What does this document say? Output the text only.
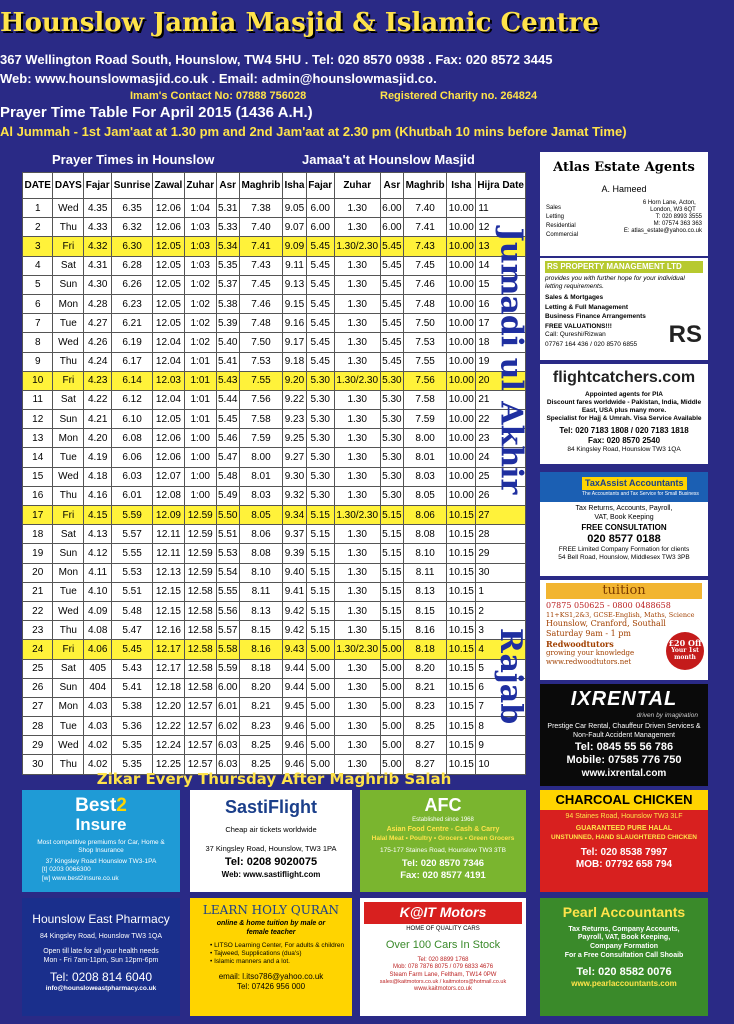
Hounslow Jamia Masjid & Islamic Centre
367 Wellington Road South, Hounslow, TW4 5HU . Tel: 020 8570 0938 . Fax: 020 8572 3445
Web: www.hounslowmasjid.co.uk . Email: admin@hounslowmasjid.co.
Imam's Contact No: 07888 756028	Registered Charity no. 264824
Prayer Time Table For April 2015 (1436 A.H.)
Al Jummah - 1st Jam'aat at 1.30 pm and 2nd Jam'aat at 2.30 pm (Khutbah 10 mins before Jamat Time)
Prayer Times in Hounslow	Jamaa't at Hounslow Masjid
DATE	DAYS	Fajar	Sunrise	Zawal	Zuhar	Asr	Maghrib	Isha	Fajar	Zuhar	Asr	Maghrib	Isha	Hijra Date
1	Wed	4.35	6.35	12.06	1:04	5.31	7.38	9.05	6.00	1.30	6.00	7.40	10.00	11
2	Thu	4.33	6.32	12.06	1:03	5.33	7.40	9.07	6.00	1.30	6.00	7.41	10.00	12
3	Fri	4.32	6.30	12.05	1:03	5.34	7.41	9.09	5.45	1.30/2.30	5.45	7.43	10.00	13
4	Sat	4.31	6.28	12.05	1:03	5.35	7.43	9.11	5.45	1.30	5.45	7.45	10.00	14
5	Sun	4.30	6.26	12.05	1:02	5.37	7.45	9.13	5.45	1.30	5.45	7.46	10.00	15
6	Mon	4.28	6.23	12.05	1:02	5.38	7.46	9.15	5.45	1.30	5.45	7.48	10.00	16
7	Tue	4.27	6.21	12.05	1:02	5.39	7.48	9.16	5.45	1.30	5.45	7.50	10.00	17
8	Wed	4.26	6.19	12.04	1:02	5.40	7.50	9.17	5.45	1.30	5.45	7.53	10.00	18
9	Thu	4.24	6.17	12.04	1:01	5.41	7.53	9.18	5.45	1.30	5.45	7.55	10.00	19
10	Fri	4.23	6.14	12.03	1:01	5.43	7.55	9.20	5.30	1.30/2.30	5.30	7.56	10.00	20
11	Sat	4.22	6.12	12.04	1:01	5.44	7.56	9.22	5.30	1.30	5.30	7.58	10.00	21
12	Sun	4.21	6.10	12.05	1:01	5.45	7.58	9.23	5.30	1.30	5.30	7.59	10.00	22
13	Mon	4.20	6.08	12.06	1:00	5.46	7.59	9.25	5.30	1.30	5.30	8.00	10.00	23
14	Tue	4.19	6.06	12.06	1:00	5.47	8.00	9.27	5.30	1.30	5.30	8.01	10.00	24
15	Wed	4.18	6.03	12.07	1:00	5.48	8.01	9.30	5.30	1.30	5.30	8.03	10.00	25
16	Thu	4.16	6.01	12.08	1:00	5.49	8.03	9.32	5.30	1.30	5.30	8.05	10.00	26
17	Fri	4.15	5.59	12.09	12.59	5.50	8.05	9.34	5.15	1.30/2.30	5.15	8.06	10.15	27
18	Sat	4.13	5.57	12.11	12.59	5.51	8.06	9.37	5.15	1.30	5.15	8.08	10.15	28
19	Sun	4.12	5.55	12.11	12.59	5.53	8.08	9.39	5.15	1.30	5.15	8.10	10.15	29
20	Mon	4.11	5.53	12.13	12.59	5.54	8.10	9.40	5.15	1.30	5.15	8.11	10.15	30
21	Tue	4.10	5.51	12.15	12.58	5.55	8.11	9.41	5.15	1.30	5.15	8.13	10.15	1
22	Wed	4.09	5.48	12.15	12.58	5.56	8.13	9.42	5.15	1.30	5.15	8.15	10.15	2
23	Thu	4.08	5.47	12.16	12.58	5.57	8.15	9.42	5.15	1.30	5.15	8.16	10.15	3
24	Fri	4.06	5.45	12.17	12.58	5.58	8.16	9.43	5.00	1.30/2.30	5.00	8.18	10.15	4
25	Sat	405	5.43	12.17	12.58	5.59	8.18	9.44	5.00	1.30	5.00	8.20	10.15	5
26	Sun	404	5.41	12.18	12.58	6.00	8.20	9.44	5.00	1.30	5.00	8.21	10.15	6
27	Mon	4.03	5.38	12.20	12.57	6.01	8.21	9.45	5.00	1.30	5.00	8.23	10.15	7
28	Tue	4.03	5.36	12.22	12.57	6.02	8.23	9.46	5.00	1.30	5.00	8.25	10.15	8
29	Wed	4.02	5.35	12.24	12.57	6.03	8.25	9.46	5.00	1.30	5.00	8.27	10.15	9
30	Thu	4.02	5.35	12.25	12.57	6.03	8.25	9.46	5.00	1.30	5.00	8.27	10.15	10
Jumadi ul Akhir
Rajab
Zikar Every Thursday After Maghrib Salah
Atlas Estate Agents
A. Hameed
Sales
Letting
Residential
Commercial
6 Horn Lane, Acton, London, W3 6QT
T: 020 8993 3555
M: 07574 363 363
E: atlas_estate@yahoo.co.uk
RS PROPERTY MANAGEMENT LTD
provides you with further hope for your individual letting requirements.
Sales & Mortgages
Letting & Full Management
Business Finance Arrangements
FREE VALUATIONS!!!
Call: Qureshi/Rizwan
07767 164 436 / 020 8570 6855	RS
flightcatchers.com
Appointed agents for PIA
Discount fares worldwide - Pakistan, India, Middle East, USA plus many more.
Specialist for Hajj & Umrah. Visa Service Available
Tel: 020 7183 1808 / 020 7183 1818
Fax: 020 8570 2540
84 Kingsley Road, Hounslow TW3 1QA
TaxAssist Accountants
The Accountants and Tax Service for Small Business
Tax Returns, Accounts, Payroll,
VAT, Book Keeping
FREE CONSULTATION
020 8577 0188
FREE Limited Company Formation for clients
54 Bell Road, Hounslow, Middlesex TW3 3PB
tuition
07875 050625 - 0800 0488658
11+KS1,2&3, GCSE-English, Maths, Science
Hounslow, Cranford, Southall
Saturday 9am - 1 pm
Redwoodtutors
growing your knowledge
www.redwoodtutors.net
£20 Off
Your 1st month
IXRENTAL
driven by imagination
Prestige Car Rental, Chauffeur Driven Services & Non-Fault Accident Management
Tel: 0845 55 56 786
Mobile: 07585 776 750
www.ixrental.com
Best2
Insure
Most competitive premiums for Car, Home & Shop Insurance
37 Kingsley Road Hounslow TW3-1PA
[t] 0203 0066300
[w] www.best2insure.co.uk
SastiFlight
Cheap air tickets worldwide
37 Kingsley Road, Hounslow, TW3 1PA
Tel: 0208 9020075
Web: www.sastiflight.com
AFC
Established since 1968
Asian Food Centre - Cash & Carry
Halal Meat • Poultry • Grocers • Green Grocers
175-177 Staines Road, Hounslow TW3 3TB
Tel: 020 8570 7346
Fax: 020 8577 4191
CHARCOAL CHICKEN
94 Staines Road, Hounslow TW3 3LF
GUARANTEED PURE HALAL
UNSTUNNED, HAND SLAUGHTERED CHICKEN
Tel: 020 8538 7997
MOB: 07792 658 794
Hounslow East Pharmacy
84 Kingsley Road, Hounslow TW3 1QA
Open till late for all your health needs
Mon - Fri 7am-11pm, Sun 12pm-6pm
Tel: 0208 814 6040
info@hounsloweastpharmacy.co.uk
LEARN HOLY QURAN
online & home tuition by male or female teacher
• LITSO Learning Center, For adults & children
• Tajweed, Supplications (dua's)
• Islamic manners and a lot.
email: l.itso786@yahoo.co.uk
Tel: 07426 956 000
K@IT Motors
HOME OF QUALITY CARS
Over 100 Cars In Stock
Tel: 020 8899 1768
Mob: 078 7876 8075 / 079 6833 4676
Steam Farm Lane, Feltham, TW14 0PW
sales@kaitmotors.co.uk / kaitmotors@hotmail.co.uk
www.kaitmotors.co.uk
Pearl Accountants
Tax Returns, Company Accounts,
Payroll, VAT, Book Keeping,
Company Formation
For a Free Consultation Call Shoaib
Tel: 020 8582 0076
www.pearlaccountants.com
